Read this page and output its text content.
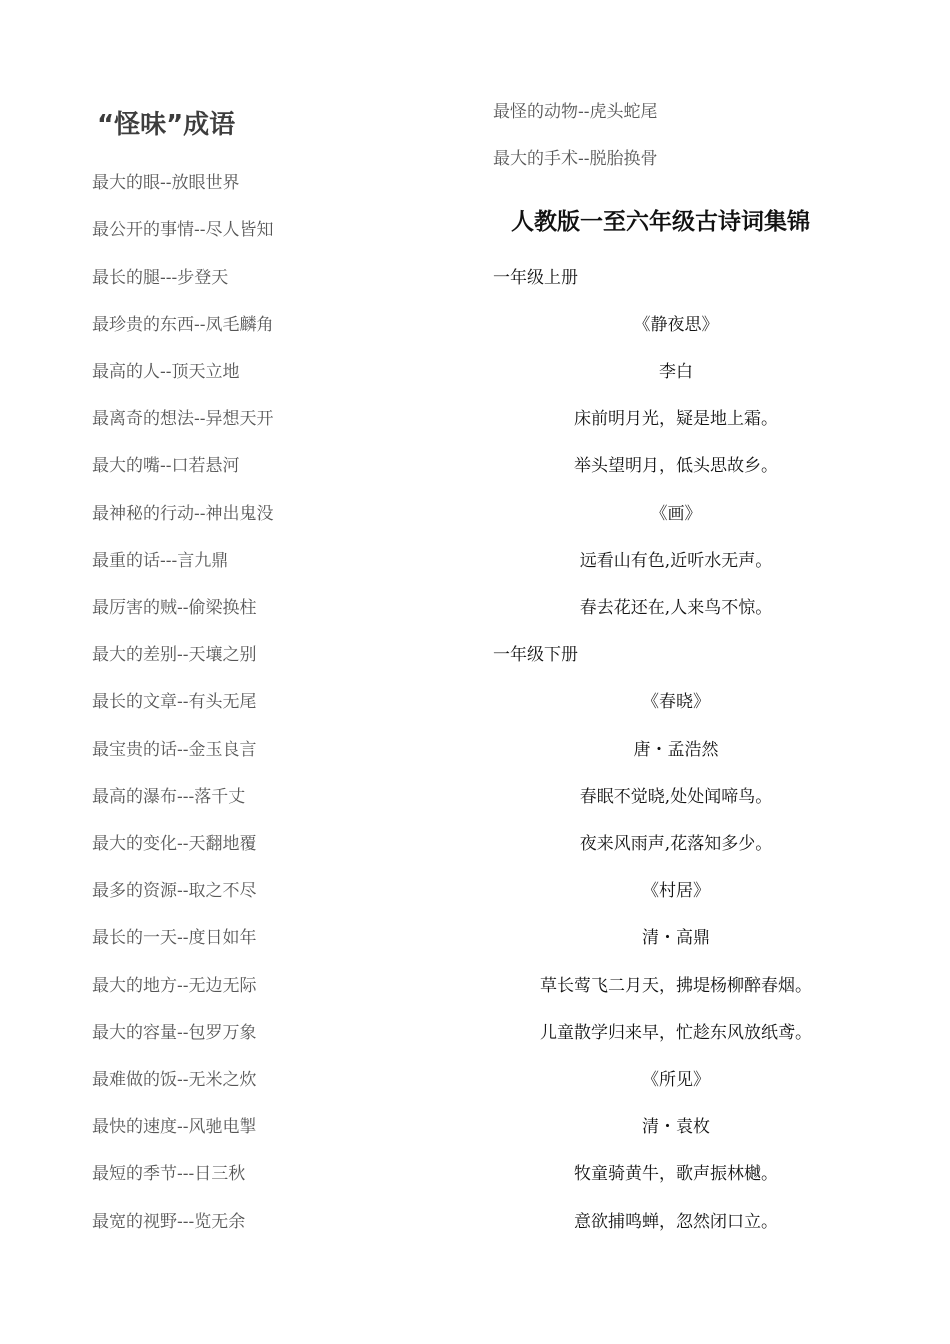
“怪味”成语
最大的眼--放眼世界
最公开的事情--尽人皆知
最长的腿---步登天
最珍贵的东西--凤毛麟角
最高的人--顶天立地
最离奇的想法--异想天开
最大的嘴--口若悬河
最神秘的行动--神出鬼没
最重的话---言九鼎
最厉害的贼--偷梁换柱
最大的差别--天壤之别
最长的文章--有头无尾
最宝贵的话--金玉良言
最高的瀑布---落千丈
最大的变化--天翻地覆
最多的资源--取之不尽
最长的一天--度日如年
最大的地方--无边无际
最大的容量--包罗万象
最难做的饭--无米之炊
最快的速度--风驰电掣
最短的季节---日三秋
最宽的视野---览无余
最怪的动物--虎头蛇尾
最大的手术--脱胎换骨
人教版一至六年级古诗词集锦
一年级上册
《静夜思》
李白
床前明月光，疑是地上霜。
举头望明月，低头思故乡。
《画》
远看山有色,近听水无声。
春去花还在,人来鸟不惊。
一年级下册
《春晓》
唐・孟浩然
春眠不觉晓,处处闻啼鸟。
夜来风雨声,花落知多少。
《村居》
清・高鼎
草长莺飞二月天，拂堤杨柳醉春烟。
儿童散学归来早，忙趁东风放纸鸢。
《所见》
清・袁枚
牧童骑黄牛，歌声振林樾。
意欲捕鸣蝉，忽然闭口立。
